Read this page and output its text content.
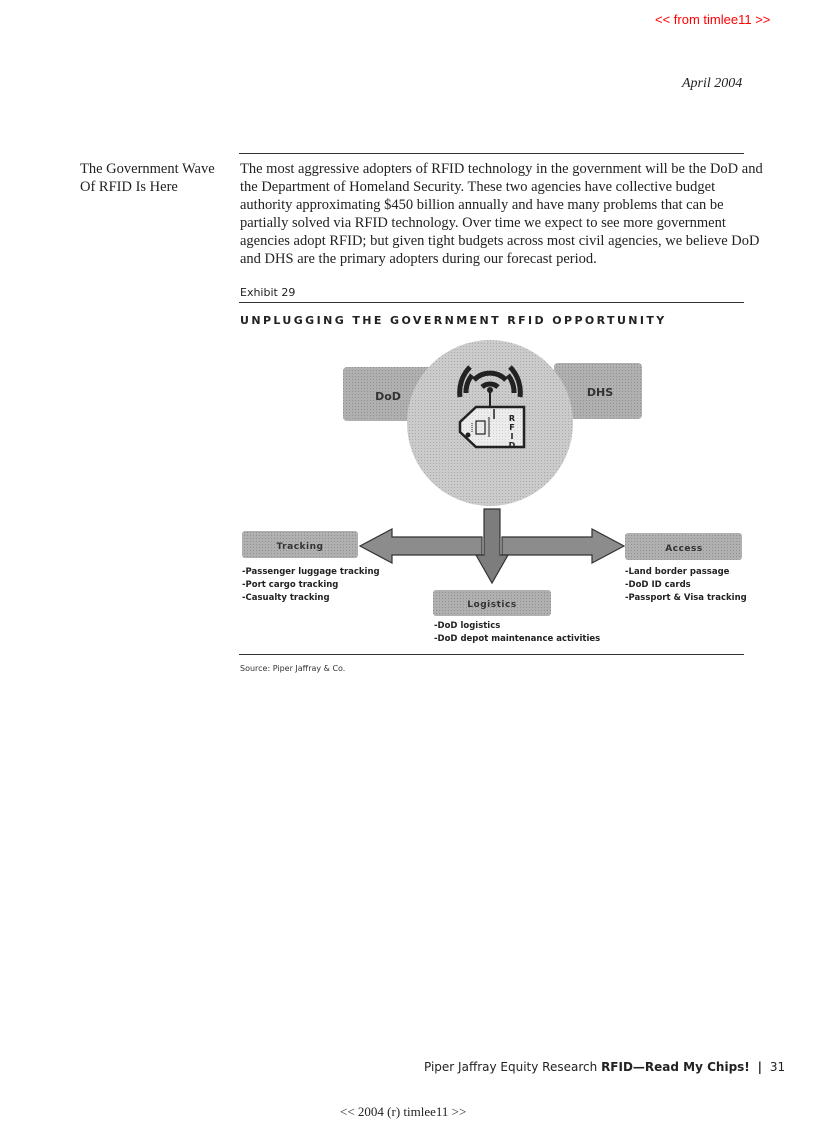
<< from timlee11 >>
April 2004
The Government Wave
Of RFID Is Here
The most aggressive adopters of RFID technology in the government will be the DoD and
the Department of Homeland Security. These two agencies have collective budget
authority approximating $450 billion annually and have many problems that can be
partially solved via RFID technology. Over time we expect to see more government
agencies adopt RFID; but given tight budgets across most civil agencies, we believe DoD
and DHS are the primary adopters during our forecast period.
Exhibit 29
UNPLUGGING THE GOVERNMENT RFID OPPORTUNITY
DoD	DHS
R
F
I
D
Tracking
-Passenger luggage tracking
-Port cargo tracking
-Casualty tracking
Access
-Land border passage
-DoD ID cards
-Passport & Visa tracking
Logistics
-DoD logistics
-DoD depot maintenance activities
Source: Piper Jaffray & Co.
Piper Jaffray Equity Research RFID—Read My Chips! | 31
<< 2004 (r) timlee11 >>
